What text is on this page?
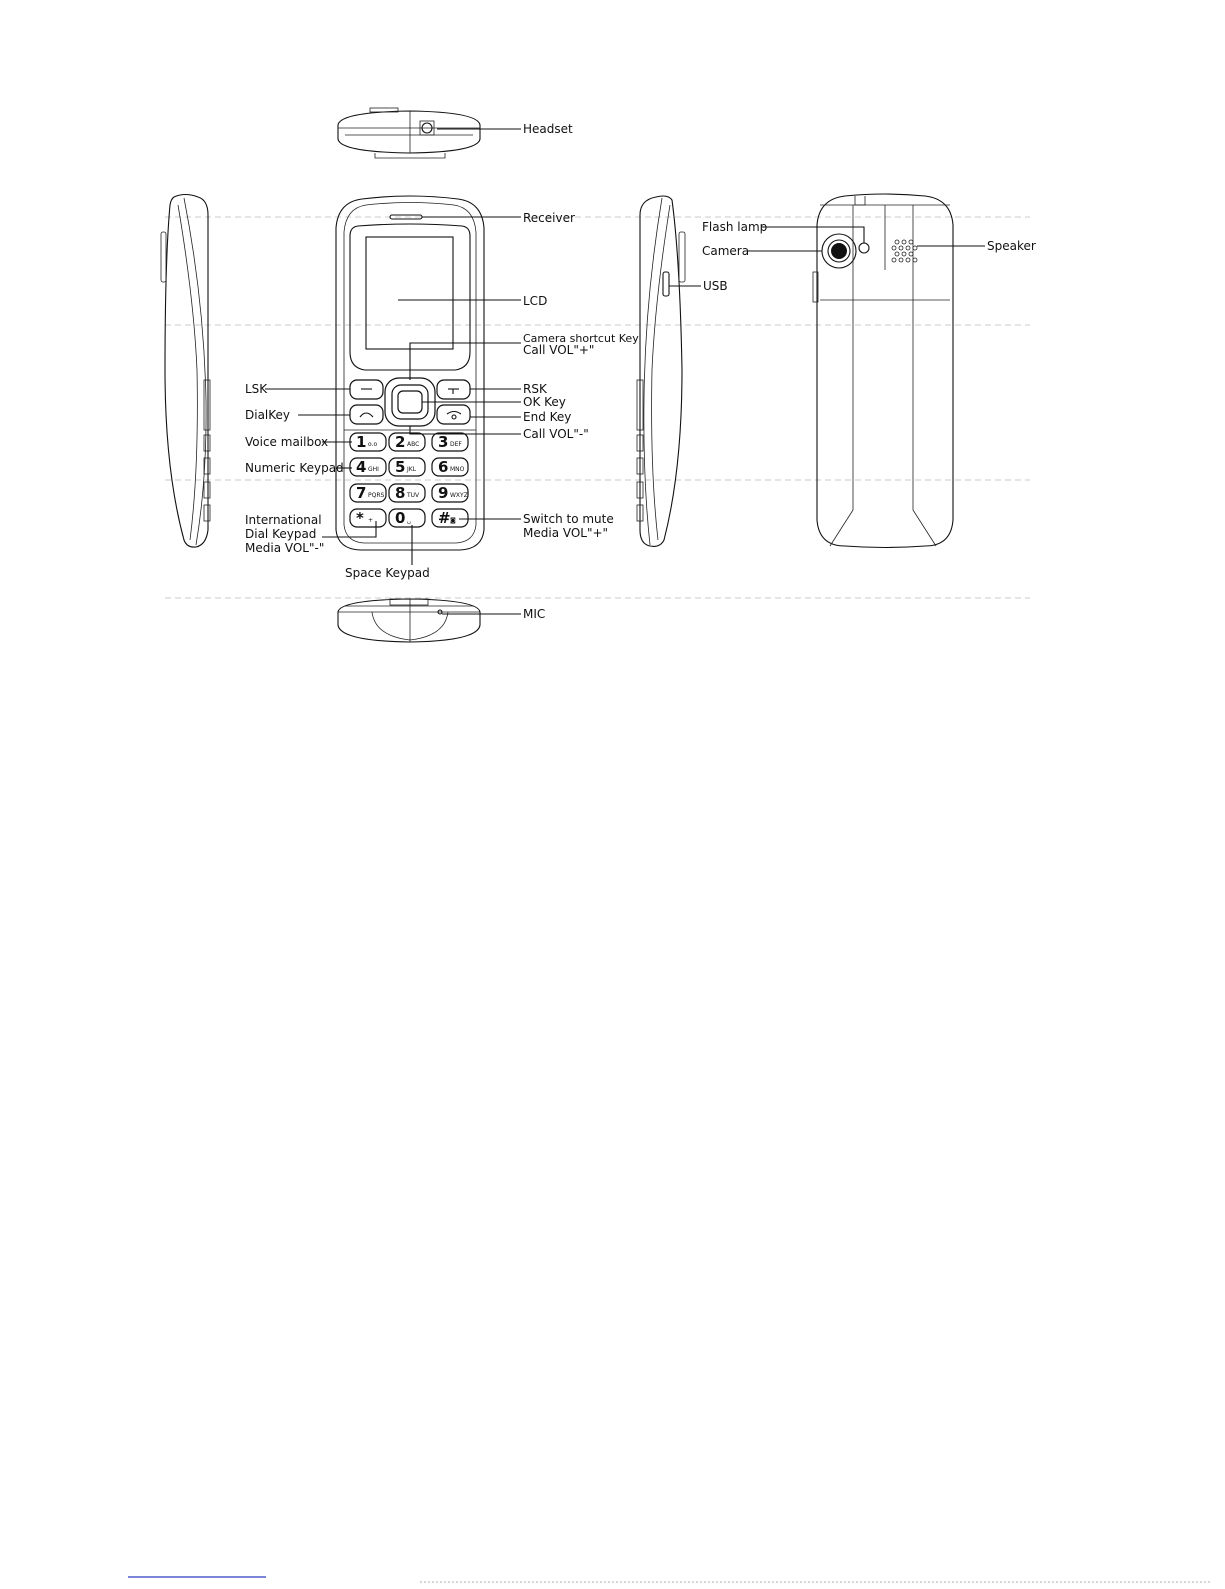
1 o.o 2 ABC 3 DEF
4 GHI 5 JKL 6 MNO
7 PQRS 8 TUV 9 WXYZ
* + 0 ␣ # ◙
Headset
Receiver
LCD
Camera shortcut Key
Call VOL"+"
LSK	RSK
OK Key
DialKey	End Key
Voice mailbox
Call VOL"-"
Numeric Keypad
International
Dial Keypad
Media VOL"-"
Switch to mute
Media VOL"+"
Space Keypad
MIC
Flash lamp
Camera	Speaker
USB
